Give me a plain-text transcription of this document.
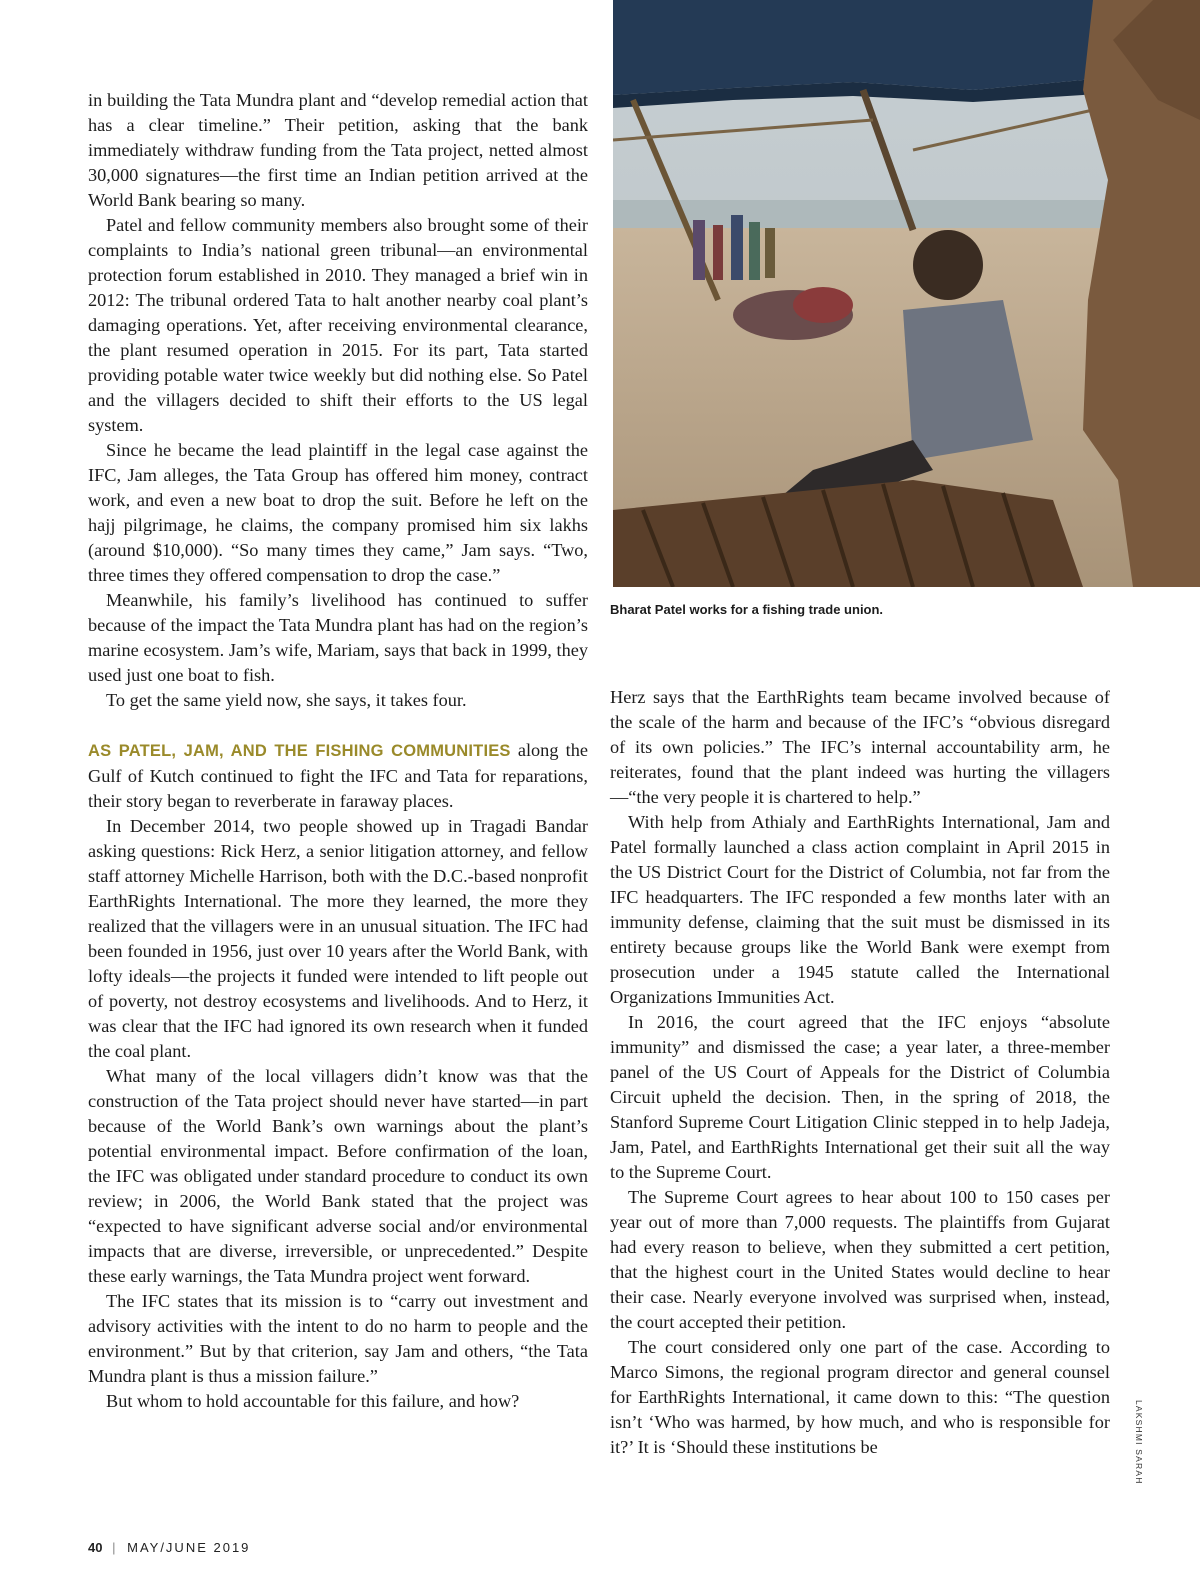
in building the Tata Mundra plant and “develop remedial action that has a clear timeline.” Their petition, asking that the bank immediately withdraw funding from the Tata project, netted almost 30,000 signatures—the first time an Indian petition arrived at the World Bank bearing so many.

Patel and fellow community members also brought some of their complaints to India’s national green tribunal—an environmental protection forum established in 2010. They managed a brief win in 2012: The tribunal ordered Tata to halt another nearby coal plant’s damaging operations. Yet, after receiving environmental clearance, the plant resumed operation in 2015. For its part, Tata started providing potable water twice weekly but did nothing else. So Patel and the villagers decided to shift their efforts to the US legal system.

Since he became the lead plaintiff in the legal case against the IFC, Jam alleges, the Tata Group has offered him money, contract work, and even a new boat to drop the suit. Before he left on the hajj pilgrimage, he claims, the company promised him six lakhs (around $10,000). “So many times they came,” Jam says. “Two, three times they offered compensation to drop the case.”

Meanwhile, his family’s livelihood has continued to suffer because of the impact the Tata Mundra plant has had on the region’s marine ecosystem. Jam’s wife, Mariam, says that back in 1999, they used just one boat to fish.

To get the same yield now, she says, it takes four.

AS PATEL, JAM, AND THE FISHING COMMUNITIES along the Gulf of Kutch continued to fight the IFC and Tata for reparations, their story began to reverberate in faraway places.

In December 2014, two people showed up in Tragadi Bandar asking questions: Rick Herz, a senior litigation attorney, and fellow staff attorney Michelle Harrison, both with the D.C.-based nonprofit EarthRights International. The more they learned, the more they realized that the villagers were in an unusual situation. The IFC had been founded in 1956, just over 10 years after the World Bank, with lofty ideals—the projects it funded were intended to lift people out of poverty, not destroy ecosystems and livelihoods. And to Herz, it was clear that the IFC had ignored its own research when it funded the coal plant.

What many of the local villagers didn’t know was that the construction of the Tata project should never have started—in part because of the World Bank’s own warnings about the plant’s potential environmental impact. Before confirmation of the loan, the IFC was obligated under standard procedure to conduct its own review; in 2006, the World Bank stated that the project was “expected to have significant adverse social and/or environmental impacts that are diverse, irreversible, or unprecedented.” Despite these early warnings, the Tata Mundra project went forward.

The IFC states that its mission is to “carry out investment and advisory activities with the intent to do no harm to people and the environment.” But by that criterion, say Jam and others, “the Tata Mundra plant is thus a mission failure.”

But whom to hold accountable for this failure, and how?

Bharat Patel works for a fishing trade union.

Herz says that the EarthRights team became involved because of the scale of the harm and because of the IFC’s “obvious disregard of its own policies.” The IFC’s internal accountability arm, he reiterates, found that the plant indeed was hurting the villagers—“the very people it is chartered to help.”

With help from Athialy and EarthRights International, Jam and Patel formally launched a class action complaint in April 2015 in the US District Court for the District of Columbia, not far from the IFC headquarters. The IFC responded a few months later with an immunity defense, claiming that the suit must be dismissed in its entirety because groups like the World Bank were exempt from prosecution under a 1945 statute called the International Organizations Immunities Act.

In 2016, the court agreed that the IFC enjoys “absolute immunity” and dismissed the case; a year later, a three-member panel of the US Court of Appeals for the District of Columbia Circuit upheld the decision. Then, in the spring of 2018, the Stanford Supreme Court Litigation Clinic stepped in to help Jadeja, Jam, Patel, and EarthRights International get their suit all the way to the Supreme Court.

The Supreme Court agrees to hear about 100 to 150 cases per year out of more than 7,000 requests. The plaintiffs from Gujarat had every reason to believe, when they submitted a cert petition, that the highest court in the United States would decline to hear their case. Nearly everyone involved was surprised when, instead, the court accepted their petition.

The court considered only one part of the case. According to Marco Simons, the regional program director and general counsel for EarthRights International, it came down to this: “The question isn’t ‘Who was harmed, by how much, and who is responsible for it?’ It is ‘Should these institutions be	LAKSHMI SARAH
40 | MAY/JUNE 2019
